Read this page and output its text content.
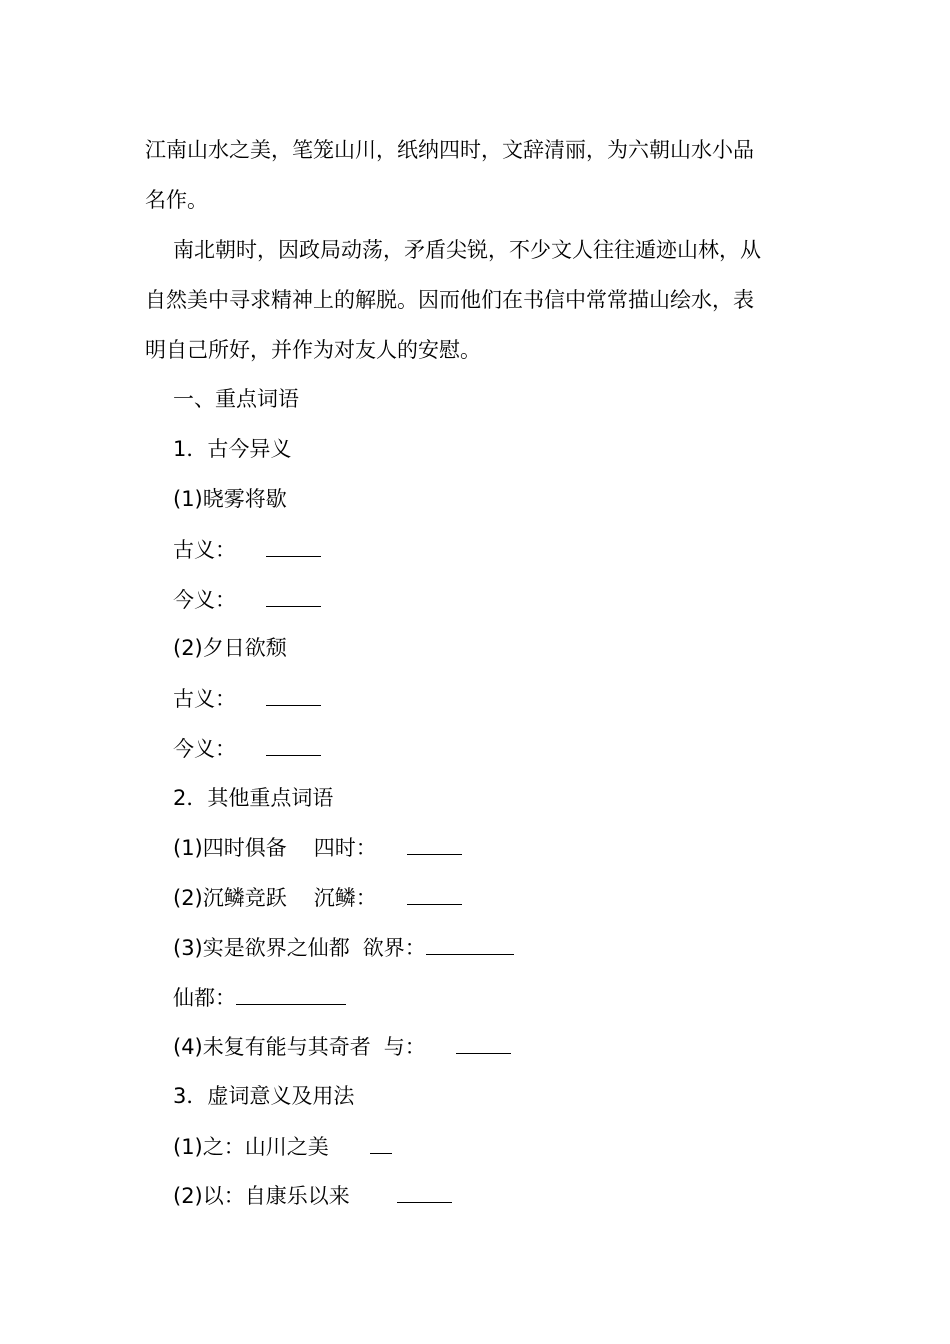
江南山水之美，笔笼山川，纸纳四时，文辞清丽，为六朝山水小品

名作。

南北朝时，因政局动荡，矛盾尖锐，不少文人往往遁迹山林，从

自然美中寻求精神上的解脱。因而他们在书信中常常描山绘水，表

明自己所好，并作为对友人的安慰。

一、重点词语

1．古今异义

(1)晓雾将歇

古义：

今义：

(2)夕日欲颓

古义：

今义：

2．其他重点词语

(1)四时俱备 四时：

(2)沉鳞竞跃 沉鳞：

(3)实是欲界之仙都 欲界：

仙都：

(4)未复有能与其奇者 与：

3．虚词意义及用法

(1)之：山川之美

(2)以：自康乐以来
